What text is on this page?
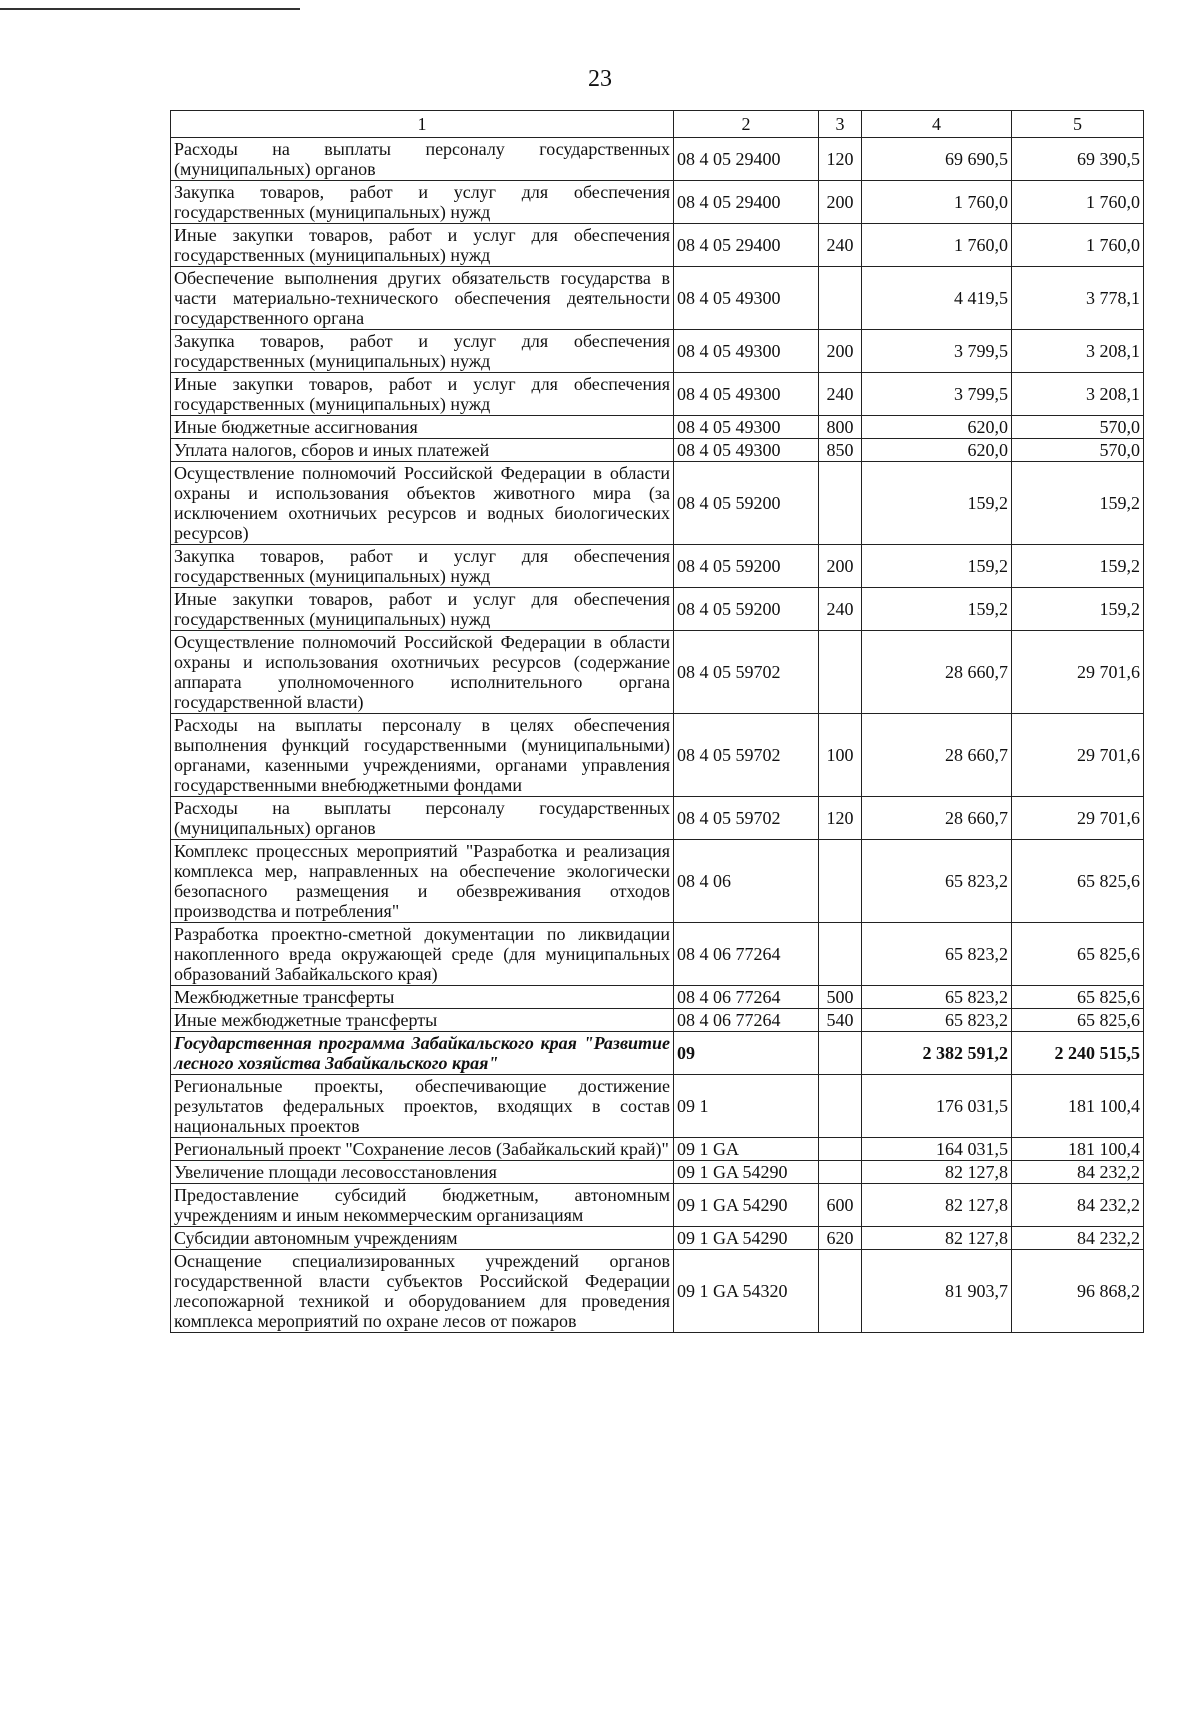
23
1	2	3	4	5
Расходы на выплаты персоналу государственных (муниципальных) органов	08 4 05 29400	120	69 690,5	69 390,5
Закупка товаров, работ и услуг для обеспечения государственных (муниципальных) нужд	08 4 05 29400	200	1 760,0	1 760,0
Иные закупки товаров, работ и услуг для обеспечения государственных (муниципальных) нужд	08 4 05 29400	240	1 760,0	1 760,0
Обеспечение выполнения других обязательств государства в части материально-технического обеспечения деятельности государственного органа	08 4 05 49300		4 419,5	3 778,1
Закупка товаров, работ и услуг для обеспечения государственных (муниципальных) нужд	08 4 05 49300	200	3 799,5	3 208,1
Иные закупки товаров, работ и услуг для обеспечения государственных (муниципальных) нужд	08 4 05 49300	240	3 799,5	3 208,1
Иные бюджетные ассигнования	08 4 05 49300	800	620,0	570,0
Уплата налогов, сборов и иных платежей	08 4 05 49300	850	620,0	570,0
Осуществление полномочий Российской Федерации в области охраны и использования объектов животного мира (за исключением охотничьих ресурсов и водных биологических ресурсов)	08 4 05 59200		159,2	159,2
Закупка товаров, работ и услуг для обеспечения государственных (муниципальных) нужд	08 4 05 59200	200	159,2	159,2
Иные закупки товаров, работ и услуг для обеспечения государственных (муниципальных) нужд	08 4 05 59200	240	159,2	159,2
Осуществление полномочий Российской Федерации в области охраны и использования охотничьих ресурсов (содержание аппарата уполномоченного исполнительного органа государственной власти)	08 4 05 59702		28 660,7	29 701,6
Расходы на выплаты персоналу в целях обеспечения выполнения функций государственными (муниципальными) органами, казенными учреждениями, органами управления государственными внебюджетными фондами	08 4 05 59702	100	28 660,7	29 701,6
Расходы на выплаты персоналу государственных (муниципальных) органов	08 4 05 59702	120	28 660,7	29 701,6
Комплекс процессных мероприятий "Разработка и реализация комплекса мер, направленных на обеспечение экологически безопасного размещения и обезвреживания отходов производства и потребления"	08 4 06		65 823,2	65 825,6
Разработка проектно-сметной документации по ликвидации накопленного вреда окружающей среде (для муниципальных образований Забайкальского края)	08 4 06 77264		65 823,2	65 825,6
Межбюджетные трансферты	08 4 06 77264	500	65 823,2	65 825,6
Иные межбюджетные трансферты	08 4 06 77264	540	65 823,2	65 825,6
Государственная программа Забайкальского края "Развитие лесного хозяйства Забайкальского края"	09		2 382 591,2	2 240 515,5
Региональные проекты, обеспечивающие достижение результатов федеральных проектов, входящих в состав национальных проектов	09 1		176 031,5	181 100,4
Региональный проект "Сохранение лесов (Забайкальский край)"	09 1 GA		164 031,5	181 100,4
Увеличение площади лесовосстановления	09 1 GA 54290		82 127,8	84 232,2
Предоставление субсидий бюджетным, автономным учреждениям и иным некоммерческим организациям	09 1 GA 54290	600	82 127,8	84 232,2
Субсидии автономным учреждениям	09 1 GA 54290	620	82 127,8	84 232,2
Оснащение специализированных учреждений органов государственной власти субъектов Российской Федерации лесопожарной техникой и оборудованием для проведения комплекса мероприятий по охране лесов от пожаров	09 1 GA 54320		81 903,7	96 868,2
